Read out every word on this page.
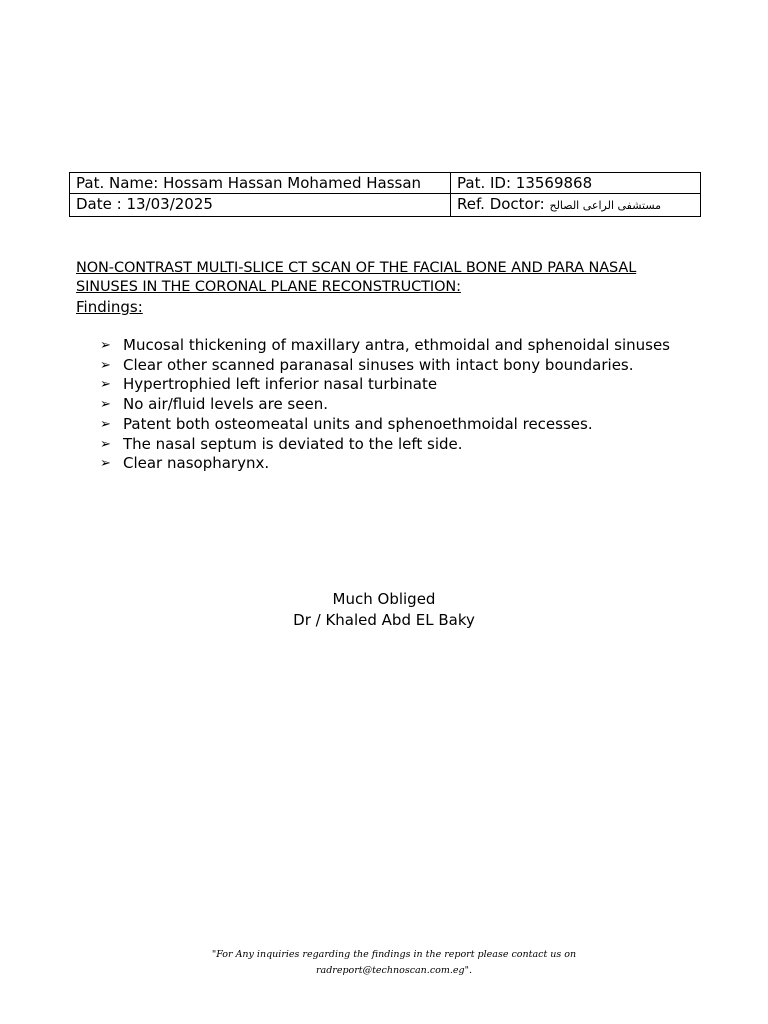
Pat. Name: Hossam Hassan Mohamed Hassan	Pat. ID: 13569868
Date : 13/03/2025	Ref. Doctor: مستشفى الراعى الصالح
NON-CONTRAST MULTI-SLICE CT SCAN OF THE FACIAL BONE AND PARA NASAL SINUSES IN THE CORONAL PLANE RECONSTRUCTION:
Findings:
➢ Mucosal thickening of maxillary antra, ethmoidal and sphenoidal sinuses
➢ Clear other scanned paranasal sinuses with intact bony boundaries.
➢ Hypertrophied left inferior nasal turbinate
➢ No air/fluid levels are seen.
➢ Patent both osteomeatal units and sphenoethmoidal recesses.
➢ The nasal septum is deviated to the left side.
➢ Clear nasopharynx.
Much Obliged
Dr / Khaled Abd EL Baky
"For Any inquiries regarding the findings in the report please contact us on
radreport@technoscan.com.eg".
